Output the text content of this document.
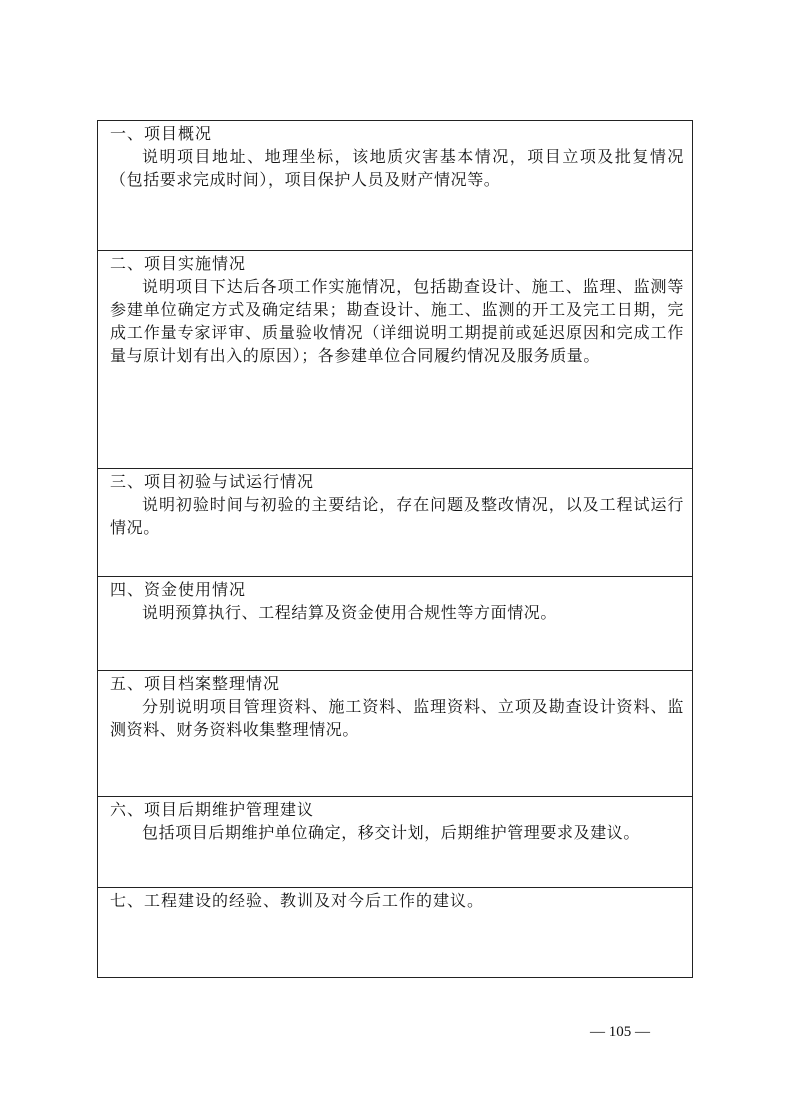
一、项目概况
说明项目地址、地理坐标，该地质灾害基本情况，项目立项及批复情况（包括要求完成时间），项目保护人员及财产情况等。
二、项目实施情况
说明项目下达后各项工作实施情况，包括勘查设计、施工、监理、监测等参建单位确定方式及确定结果；勘查设计、施工、监测的开工及完工日期，完成工作量专家评审、质量验收情况（详细说明工期提前或延迟原因和完成工作量与原计划有出入的原因）；各参建单位合同履约情况及服务质量。
三、项目初验与试运行情况
说明初验时间与初验的主要结论，存在问题及整改情况，以及工程试运行情况。
四、资金使用情况
说明预算执行、工程结算及资金使用合规性等方面情况。
五、项目档案整理情况
分别说明项目管理资料、施工资料、监理资料、立项及勘查设计资料、监测资料、财务资料收集整理情况。
六、项目后期维护管理建议
包括项目后期维护单位确定，移交计划，后期维护管理要求及建议。
七、工程建设的经验、教训及对今后工作的建议。
— 105 —
